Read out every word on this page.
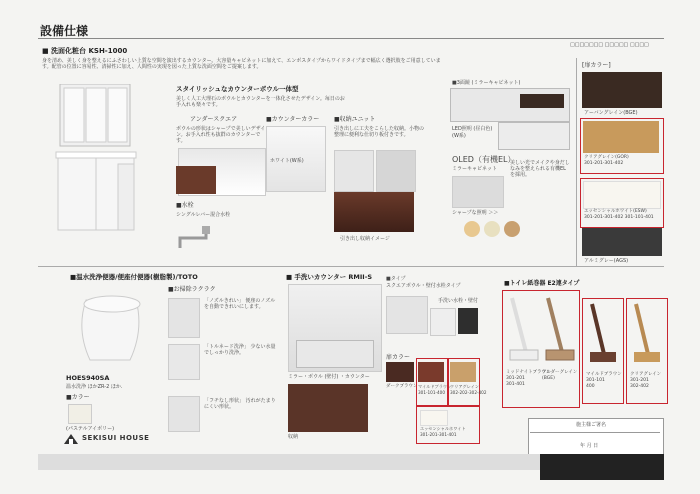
設備仕様
□□□□□□□ □□□□□ □□□□
■ 洗面化粧台 KSH-1000
身を清め、美しく身を整えるにふさわしい上質な空間を演出するカウンター。大容量キャビネットに加えて、エンボスタイプからワイドタイプまで幅広く選択肢をご用意しています。配管の位置に容易性、清掃性に加え、人間性の実現を図った上質な洗面空間をご提案します。
スタイリッシュなカウンターボウル一体型
美しく人工大理石のボウルとカウンターを一体化させたデザイン。毎日のお手入れも楽々です。
アンダースクエア
ボウルの形状はシャープで美しいデザイン。お手入れ性も抜群のカウンターです。
■カウンターカラー
ホワイト(W系)
■水栓
シングルレバー混合水栓
■収納ユニット
引き出しに工夫をこらした収納。小物の整理に便利な仕切り板付きです。
引き出し収納イメージ
■3面鏡 (ミラーキャビネット)
LED照明 (昼白色)
(W系)
OLED（有機EL）
ミラーキャビネット
美しい光でメイクや身だしなみを整えられる有機ELを採用。
シャープな照明 ＞＞
[扉カラー]
アーバングレイン(BGE)
クリアグレイン(GOR)
301-201-301-402
エッセンシャルホワイト(ESW)
301-201-301-402 301-101-401
アルミグレー(AGS)
■温水洗浄便器/便座付便器(樹脂製)/TOTO
HOES940SA
温水洗浄 ほかZR-2 ほか.
■カラー
(パステルアイボリー)
■お掃除ラクラク
「ノズルきれい」 便座のノズルを自動できれいにします。
「トルネード洗浄」 少ない水量でしっかり洗浄。
「フチなし形状」 汚れがたまりにくい形状。
■ 手洗いカウンター RMII-S
ミラー・ボウル (壁付) ・カウンター
収納
■タイプ
スクエアボウル・壁付水栓タイプ
手洗い水栓・壁付
扉カラー
ダークブラウン マイルドブラウン
301-101-400
クリアグレイン
302-202-302-402
エッセンシャルホワイト
301-201-301-401
■トイレ紙巻器 E2連タイプ
ミッドナイトブラウン
301-201
301-401
アルダーグレイン
(BGE)
マイルドブラウン
301-101
400
クリアグレイン
301-201
302-402
施主様ご署名
年 月 日
SEKISUI HOUSE
